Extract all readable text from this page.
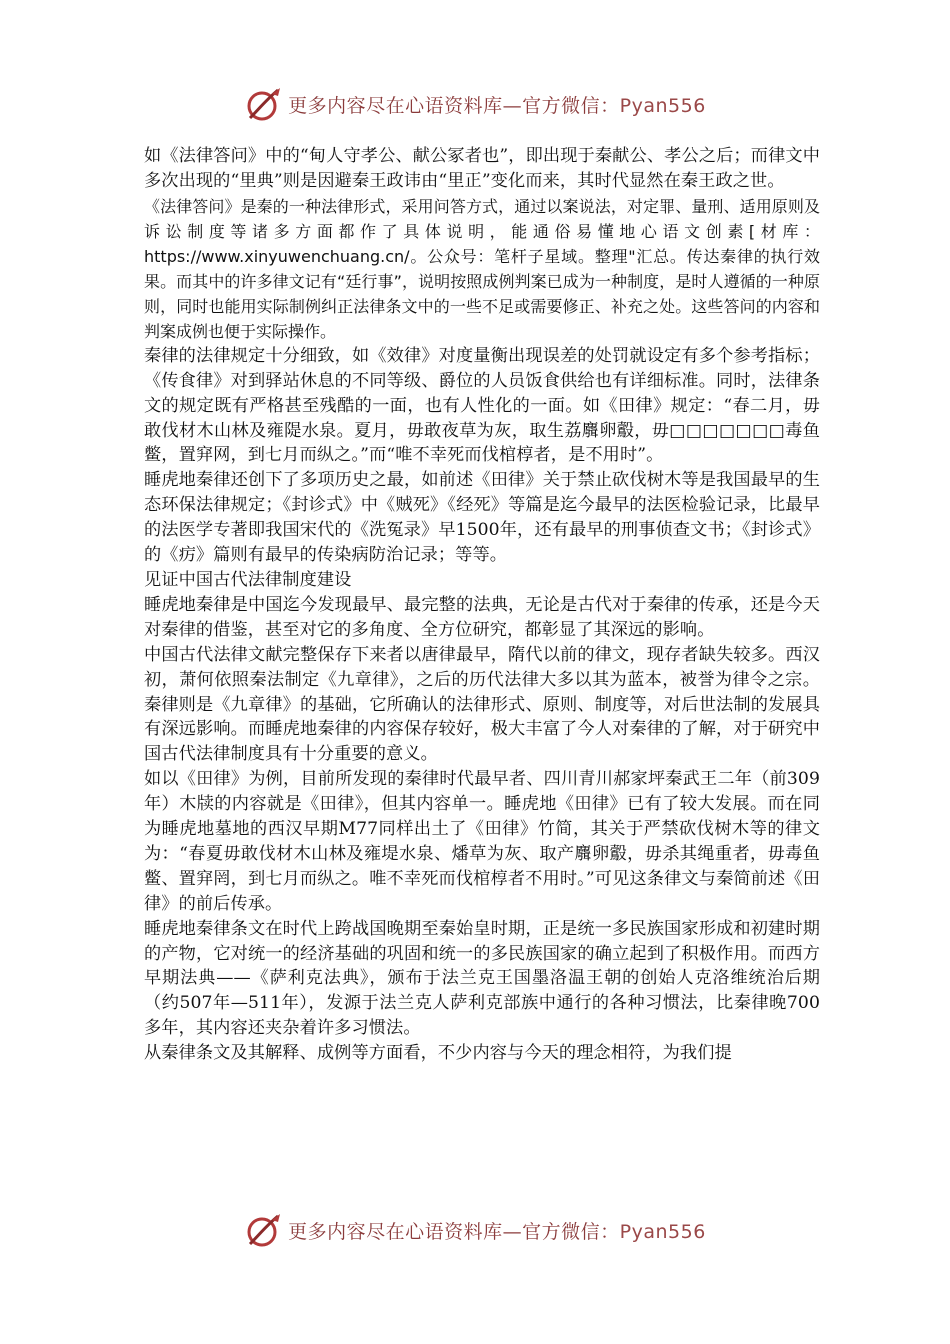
更多内容尽在心语资料库—官方微信：Pyan556

如《法律答问》中的“甸人守孝公、献公冢者也”，即出现于秦献公、孝公之后；而律文中多次出现的“里典”则是因避秦王政讳由“里正”变化而来，其时代显然在秦王政之世。

《法律答问》是秦的一种法律形式，采用问答方式，通过以案说法，对定罪、量刑、适用原则及诉讼制度等诸多方面都作了具体说明，能通俗易懂地心语文创素[材库：https://www.xinyuwenchuang.cn/。公众号：笔杆子星域。整理"汇总。传达秦律的执行效果。而其中的许多律文记有“廷行事”，说明按照成例判案已成为一种制度，是时人遵循的一种原则，同时也能用实际制例纠正法律条文中的一些不足或需要修正、补充之处。这些答问的内容和判案成例也便于实际操作。

秦律的法律规定十分细致，如《效律》对度量衡出现误差的处罚就设定有多个参考指标；《传食律》对到驿站休息的不同等级、爵位的人员饭食供给也有详细标准。同时，法律条文的规定既有严格甚至残酷的一面，也有人性化的一面。如《田律》规定：“春二月，毋敢伐材木山林及雍隄水泉。夏月，毋敢夜草为灰，取生荔麛卵鷇，毋□□□□□□□毒鱼鳖，置穽网，到七月而纵之。”而“唯不幸死而伐棺椁者，是不用时”。

睡虎地秦律还创下了多项历史之最，如前述《田律》关于禁止砍伐树木等是我国最早的生态环保法律规定；《封诊式》中《贼死》《经死》等篇是迄今最早的法医检验记录，比最早的法医学专著即我国宋代的《洗冤录》早1500年，还有最早的刑事侦查文书；《封诊式》的《疠》篇则有最早的传染病防治记录；等等。

见证中国古代法律制度建设

睡虎地秦律是中国迄今发现最早、最完整的法典，无论是古代对于秦律的传承，还是今天对秦律的借鉴，甚至对它的多角度、全方位研究，都彰显了其深远的影响。

中国古代法律文献完整保存下来者以唐律最早，隋代以前的律文，现存者缺失较多。西汉初，萧何依照秦法制定《九章律》，之后的历代法律大多以其为蓝本，被誉为律令之宗。秦律则是《九章律》的基础，它所确认的法律形式、原则、制度等，对后世法制的发展具有深远影响。而睡虎地秦律的内容保存较好，极大丰富了今人对秦律的了解，对于研究中国古代法律制度具有十分重要的意义。

如以《田律》为例，目前所发现的秦律时代最早者、四川青川郝家坪秦武王二年（前309年）木牍的内容就是《田律》，但其内容单一。睡虎地《田律》已有了较大发展。而在同为睡虎地墓地的西汉早期M77同样出土了《田律》竹简，其关于严禁砍伐树木等的律文为：“春夏毋敢伐材木山林及雍堤水泉、燔草为灰、取产麛卵鷇，毋杀其绳重者，毋毒鱼鳖、置穽罔，到七月而纵之。唯不幸死而伐棺椁者不用时。”可见这条律文与秦简前述《田律》的前后传承。

睡虎地秦律条文在时代上跨战国晚期至秦始皇时期，正是统一多民族国家形成和初建时期的产物，它对统一的经济基础的巩固和统一的多民族国家的确立起到了积极作用。而西方早期法典——《萨利克法典》，颁布于法兰克王国墨洛温王朝的创始人克洛维统治后期（约507年—511年），发源于法兰克人萨利克部族中通行的各种习惯法，比秦律晚700多年，其内容还夹杂着许多习惯法。

从秦律条文及其解释、成例等方面看，不少内容与今天的理念相符，为我们提

更多内容尽在心语资料库—官方微信：Pyan556
